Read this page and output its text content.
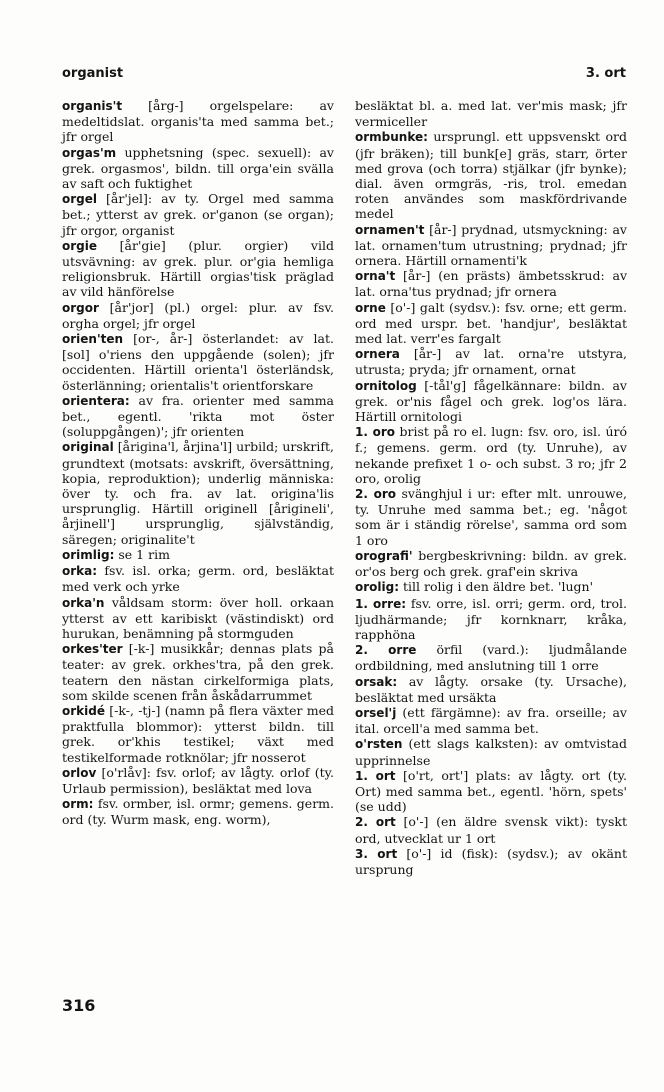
organist	3. ort

organis't [årg-] orgelspelare: av medeltidslat. organis'ta med samma bet.; jfr orgel

orgas'm upphetsning (spec. sexuell): av grek. orgasmos', bildn. till orga'ein svälla av saft och fuktighet

orgel [år'jel]: av ty. Orgel med samma bet.; ytterst av grek. or'ganon (se organ); jfr orgor, organist

orgie [år'gie] (plur. orgier) vild utsvävning: av grek. plur. or'gia hemliga religionsbruk. Härtill orgias'tisk präglad av vild hänförelse

orgor [år'jor] (pl.) orgel: plur. av fsv. orgha orgel; jfr orgel

orien'ten [or-, år-] österlandet: av lat. [sol] o'riens den uppgående (solen); jfr occidenten. Härtill orienta'l österländsk, österlänning; orientalis't orientforskare

orientera: av fra. orienter med samma bet., egentl. 'rikta mot öster (soluppgången)'; jfr orienten

original [årigina'l, årjina'l] urbild; urskrift, grundtext (motsats: avskrift, översättning, kopia, reproduktion); underlig människa: över ty. och fra. av lat. origina'lis ursprunglig. Härtill originell [årigineli', årjinell'] ursprunglig, självständig, säregen; originalite't

orimlig: se 1 rim

orka: fsv. isl. orka; germ. ord, besläktat med verk och yrke

orka'n våldsam storm: över holl. orkaan ytterst av ett karibiskt (västindiskt) ord hurukan, benämning på stormguden

orkes'ter [-k-] musikkår; dennas plats på teater: av grek. orkhes'tra, på den grek. teatern den nästan cirkelformiga plats, som skilde scenen från åskådarrummet

orkidé [-k-, -tj-] (namn på flera växter med praktfulla blommor): ytterst bildn. till grek. or'khis testikel; växt med testikelformade rotknölar; jfr nosserot

orlov [o'rlåv]: fsv. orlof; av lågty. orlof (ty. Urlaub permission), besläktat med lova

orm: fsv. ormber, isl. ormr; gemens. germ. ord (ty. Wurm mask, eng. worm),

besläktat bl. a. med lat. ver'mis mask; jfr vermiceller

ormbunke: ursprungl. ett uppsvenskt ord (jfr bräken); till bunk[e] gräs, starr, örter med grova (och torra) stjälkar (jfr bynke); dial. även ormgräs, -ris, trol. emedan roten användes som maskfördrivande medel

ornamen't [år-] prydnad, utsmyckning: av lat. ornamen'tum utrustning; prydnad; jfr ornera. Härtill ornamenti'k

orna't [år-] (en prästs) ämbetsskrud: av lat. orna'tus prydnad; jfr ornera

orne [o'-] galt (sydsv.): fsv. orne; ett germ. ord med urspr. bet. 'handjur', besläktat med lat. verr'es fargalt

ornera [år-] av lat. orna're utstyra, utrusta; pryda; jfr ornament, ornat

ornitolog [-tål'g] fågelkännare: bildn. av grek. or'nis fågel och grek. log'os lära. Härtill ornitologi

1. oro brist på ro el. lugn: fsv. oro, isl. úró f.; gemens. germ. ord (ty. Unruhe), av nekande prefixet 1 o- och subst. 3 ro; jfr 2 oro, orolig

2. oro svänghjul i ur: efter mlt. unrouwe, ty. Unruhe med samma bet.; eg. 'något som är i ständig rörelse', samma ord som 1 oro

orografi' bergbeskrivning: bildn. av grek. or'os berg och grek. graf'ein skriva

orolig: till rolig i den äldre bet. 'lugn'

1. orre: fsv. orre, isl. orri; germ. ord, trol. ljudhärmande; jfr kornknarr, kråka, rapphöna

2. orre örfil (vard.): ljudmålande ordbildning, med anslutning till 1 orre

orsak: av lågty. orsake (ty. Ursache), besläktat med ursäkta

orsel'j (ett färgämne): av fra. orseille; av ital. orcell'a med samma bet.

o'rsten (ett slags kalksten): av omtvistad upprinnelse

1. ort [o'rt, ort'] plats: av lågty. ort (ty. Ort) med samma bet., egentl. 'hörn, spets' (se udd)

2. ort [o'-] (en äldre svensk vikt): tyskt ord, utvecklat ur 1 ort

3. ort [o'-] id (fisk): (sydsv.); av okänt ursprung

316
